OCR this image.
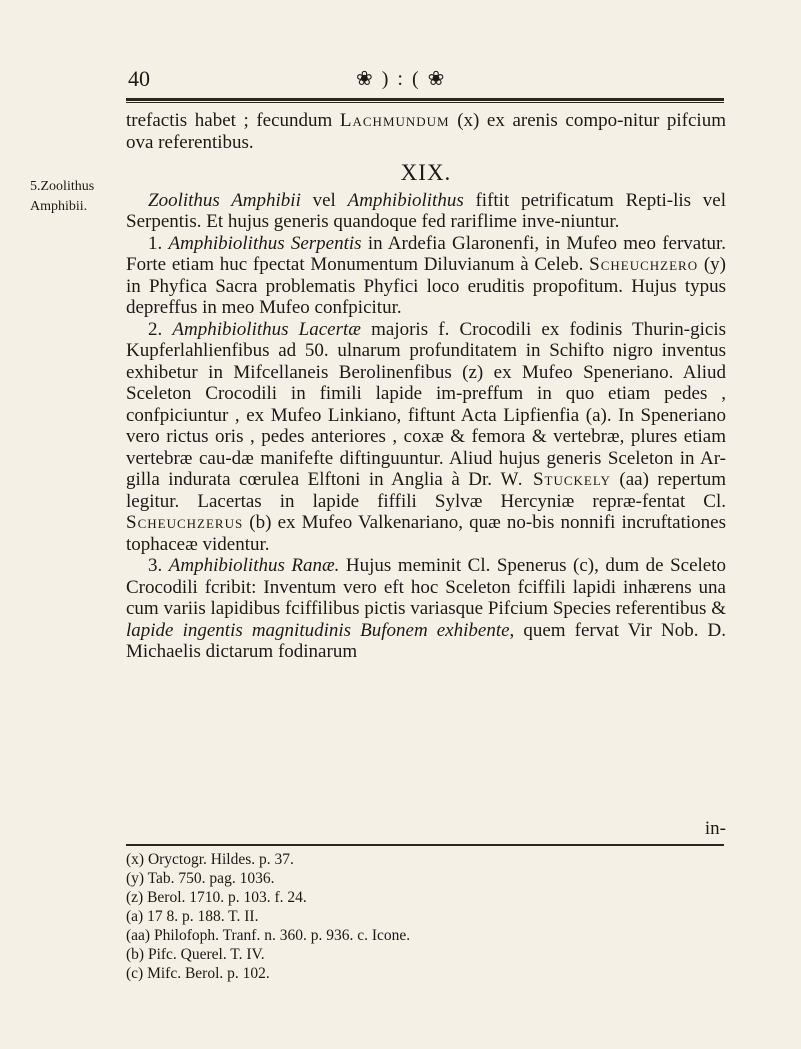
40	❀ ) : ( ❀
5.Zoolithus
Amphibii.

trefactis habet ; fecundum Lachmundum (x) ex arenis compo-nitur pifcium ova referentibus.

XIX.

Zoolithus Amphibii vel Amphibiolithus fiftit petrificatum Repti-lis vel Serpentis. Et hujus generis quandoque fed rariflime inve-niuntur.

1. Amphibiolithus Serpentis in Ardefia Glaronenfi, in Mufeo meo fervatur. Forte etiam huc fpectat Monumentum Diluvianum à Celeb. Scheuchzero (y) in Phyfica Sacra problematis Phyfici loco eruditis propofitum. Hujus typus depreffus in meo Mufeo confpicitur.

2. Amphibiolithus Lacertæ majoris f. Crocodili ex fodinis Thurin-gicis Kupferlahlienfibus ad 50. ulnarum profunditatem in Schifto nigro inventus exhibetur in Mifcellaneis Berolinenfibus (z) ex Mufeo Speneriano. Aliud Sceleton Crocodili in fimili lapide im-preffum in quo etiam pedes , confpiciuntur , ex Mufeo Linkiano, fiftunt Acta Lipfienfia (a). In Speneriano vero rictus oris , pedes anteriores , coxæ & femora & vertebræ, plures etiam vertebræ cau-dæ manifefte diftinguuntur. Aliud hujus generis Sceleton in Ar-gilla indurata cœrulea Elftoni in Anglia à Dr. W. Stuckely (aa) repertum legitur. Lacertas in lapide fiffili Sylvæ Hercyniæ repræ-fentat Cl. Scheuchzerus (b) ex Mufeo Valkenariano, quæ no-bis nonnifi incruftationes tophaceæ videntur.

3. Amphibiolithus Ranæ. Hujus meminit Cl. Spenerus (c), dum de Sceleto Crocodili fcribit: Inventum vero eft hoc Sceleton fciffili lapidi inhærens una cum variis lapidibus fciffilibus pictis variasque Pifcium Species referentibus & lapide ingentis magnitudinis Bufonem exhibente, quem fervat Vir Nob. D. Michaelis dictarum fodinarum

in-
(x) Oryctogr. Hildes. p. 37.
(y) Tab. 750. pag. 1036.
(z) Berol. 1710. p. 103. f. 24.
(a) 17 8. p. 188. T. II.
(aa) Philofoph. Tranf. n. 360. p. 936. c. Icone.
(b) Pifc. Querel. T. IV.
(c) Mifc. Berol. p. 102.
